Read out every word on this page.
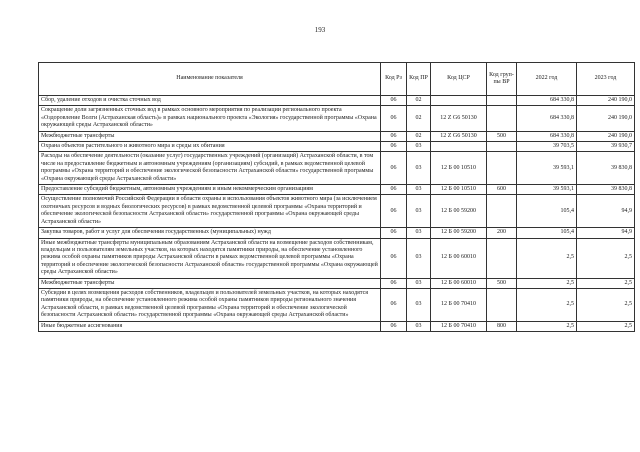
193
Наименование показателя	Код Рз	Код ПР	Код ЦСР	Код груп-пы ВР	2022 год	2023 год
Сбор, удаление отходов и очистка сточных вод	06	02			684 330,8	240 190,0
Сокращение доли загрязненных сточных вод в рамках основного мероприятия по реализации регионального проекта «Оздоровление Волги (Астраханская область)» в рамках национального проекта «Экология» государственной программы «Охрана окружающей среды Астраханской области»	06	02	12 Z G6 50130		684 330,8	240 190,0
Межбюджетные трансферты	06	02	12 Z G6 50130	500	684 330,8	240 190,0
Охрана объектов растительного и животного мира и среды их обитания	06	03			39 703,5	39 930,7
Расходы на обеспечение деятельности (оказание услуг) государственных учреждений (организаций) Астраханской области, в том числе на предоставление бюджетным и автономным учреждениям (организациям) субсидий, в рамках ведомственной целевой программы «Охрана территорий и обеспечение экологической безопасности Астраханской области» государственной программы «Охрана окружающей среды Астраханской области»	06	03	12 Б 00 10510		39 593,1	39 830,8
Предоставление субсидий бюджетным, автономным учреждениям и иным некоммерческим организациям	06	03	12 Б 00 10510	600	39 593,1	39 830,8
Осуществление полномочий Российской Федерации в области охраны и использования объектов животного мира (за исключением охотничьих ресурсов и водных биологических ресурсов) в рамках ведомственной целевой программы «Охрана территорий и обеспечение экологической безопасности Астраханской области» государственной программы «Охрана окружающей среды Астраханской области»	06	03	12 Б 00 59200		105,4	94,9
Закупка товаров, работ и услуг для обеспечения государственных (муниципальных) нужд	06	03	12 Б 00 59200	200	105,4	94,9
Иные межбюджетные трансферты муниципальным образованиям Астраханской области на возмещение расходов собственникам, владельцам и пользователям земельных участков, на которых находятся памятники природы, на обеспечение установленного режима особой охраны памятников природы Астраханской области в рамках ведомственной целевой программы «Охрана территорий и обеспечение экологической безопасности Астраханской области» государственной программы «Охрана окружающей среды Астраханской области»	06	03	12 Б 00 60010		2,5	2,5
Межбюджетные трансферты	06	03	12 Б 00 60010	500	2,5	2,5
Субсидии в целях возмещения расходов собственников, владельцев и пользователей земельных участков, на которых находятся памятники природы, на обеспечение установленного режима особой охраны памятников природы регионального значения Астраханской области, в рамках ведомственной целевой программы «Охрана территорий и обеспечение экологической безопасности Астраханской области» государственной программы «Охрана окружающей среды Астраханской области»	06	03	12 Б 00 70410		2,5	2,5
Иные бюджетные ассигнования	06	03	12 Б 00 70410	800	2,5	2,5
